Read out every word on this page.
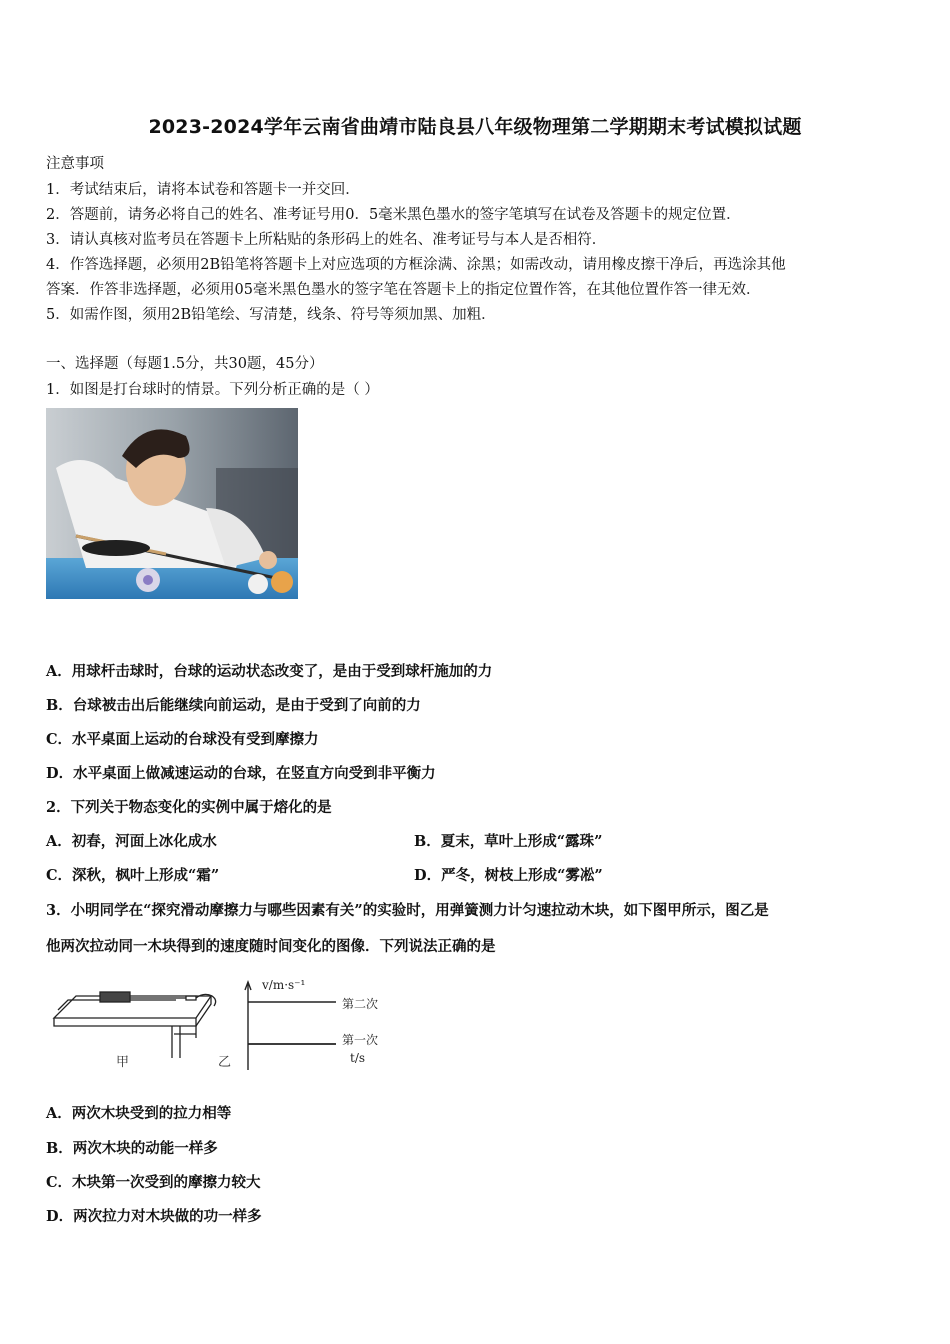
2023-2024学年云南省曲靖市陆良县八年级物理第二学期期末考试模拟试题
注意事项
1．考试结束后，请将本试卷和答题卡一并交回．
2．答题前，请务必将自己的姓名、准考证号用0．5毫米黑色墨水的签字笔填写在试卷及答题卡的规定位置．
3．请认真核对监考员在答题卡上所粘贴的条形码上的姓名、准考证号与本人是否相符．
4．作答选择题，必须用2B铅笔将答题卡上对应选项的方框涂满、涂黑；如需改动，请用橡皮擦干净后，再选涂其他
答案．作答非选择题，必须用05毫米黑色墨水的签字笔在答题卡上的指定位置作答，在其他位置作答一律无效．
5．如需作图，须用2B铅笔绘、写清楚，线条、符号等须加黑、加粗．
一、选择题（每题1.5分，共30题，45分）
1．如图是打台球时的情景。下列分析正确的是（ ）
A．用球杆击球时，台球的运动状态改变了，是由于受到球杆施加的力
B．台球被击出后能继续向前运动，是由于受到了向前的力
C．水平桌面上运动的台球没有受到摩擦力
D．水平桌面上做减速运动的台球，在竖直方向受到非平衡力
2．下列关于物态变化的实例中属于熔化的是
A．初春，河面上冰化成水	B．夏末，草叶上形成“露珠”
C．深秋，枫叶上形成“霜”	D．严冬，树枝上形成“雾凇”
3．小明同学在“探究滑动摩擦力与哪些因素有关”的实验时，用弹簧测力计匀速拉动木块，如下图甲所示，图乙是
他两次拉动同一木块得到的速度随时间变化的图像．下列说法正确的是
甲	乙
v/m·s⁻¹
第二次
第一次
t/s
A．两次木块受到的拉力相等
B．两次木块的动能一样多
C．木块第一次受到的摩擦力较大
D．两次拉力对木块做的功一样多
